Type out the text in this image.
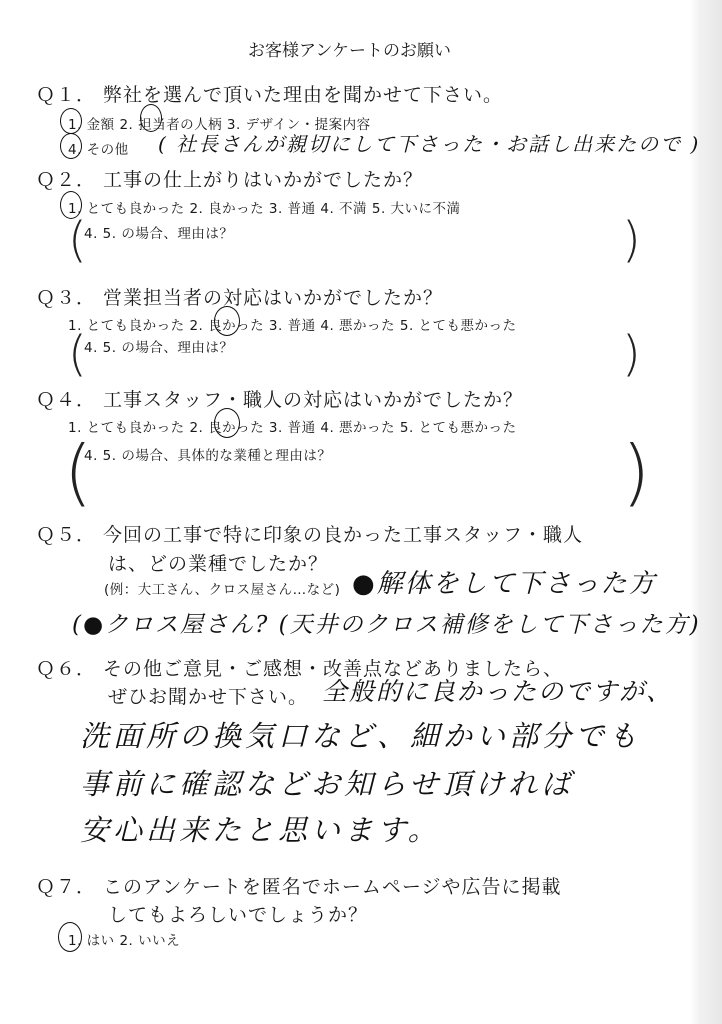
お客様アンケートのお願い
Ｑ１． 弊社を選んで頂いた理由を聞かせて下さい。
1. 金額 2. 担当者の人柄 3. デザイン・提案内容
4. その他 ( 社長さんが親切にして下さった・お話し出来たので )
Ｑ２． 工事の仕上がりはいかがでしたか？
1. とても良かった 2. 良かった 3. 普通 4. 不満 5. 大いに不満
(
4. 5. の場合、理由は？	)
Ｑ３． 営業担当者の対応はいかがでしたか？
1. とても良かった 2. 良かった 3. 普通 4. 悪かった 5. とても悪かった
(
4. 5. の場合、理由は？	)
Ｑ４． 工事スタッフ・職人の対応はいかがでしたか？
1. とても良かった 2. 良かった 3. 普通 4. 悪かった 5. とても悪かった
(
4. 5. の場合、具体的な業種と理由は？	)
Ｑ５． 今回の工事で特に印象の良かった工事スタッフ・職人
は、どの業種でしたか？
(例：大工さん、クロス屋さん…など) ●解体をして下さった方
(●クロス屋さん? (天井のクロス補修をして下さった方)
Ｑ６． その他ご意見・ご感想・改善点などありましたら、
ぜひお聞かせ下さい。 全般的に良かったのですが、
洗面所の換気口など、細かい部分でも
事前に確認などお知らせ頂ければ
安心出来たと思います。
Ｑ７． このアンケートを匿名でホームページや広告に掲載
してもよろしいでしょうか？
1. はい 2. いいえ
